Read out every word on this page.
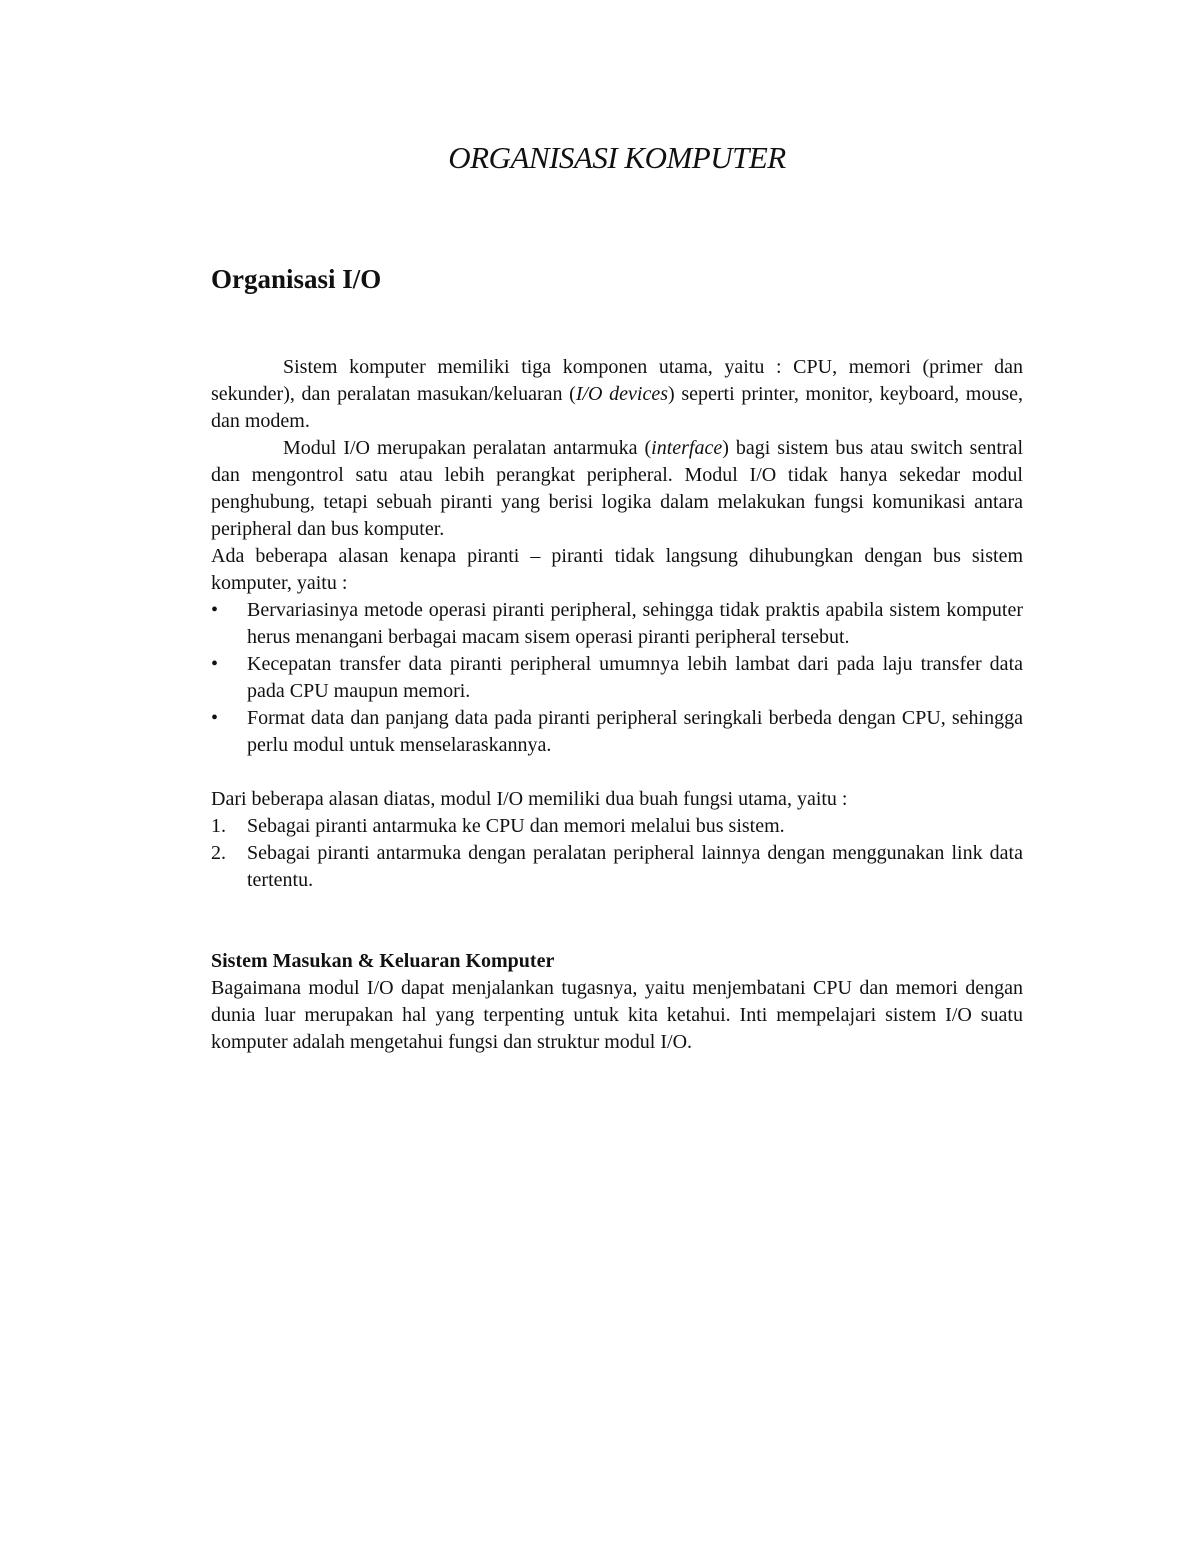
ORGANISASI KOMPUTER
Organisasi I/O

Sistem komputer memiliki tiga komponen utama, yaitu : CPU, memori (primer dan sekunder), dan peralatan masukan/keluaran (I/O devices) seperti printer, monitor, keyboard, mouse, dan modem.

Modul I/O merupakan peralatan antarmuka (interface) bagi sistem bus atau switch sentral dan mengontrol satu atau lebih perangkat peripheral. Modul I/O tidak hanya sekedar modul penghubung, tetapi sebuah piranti yang berisi logika dalam melakukan fungsi komunikasi antara peripheral dan bus komputer.

Ada beberapa alasan kenapa piranti – piranti tidak langsung dihubungkan dengan bus sistem komputer, yaitu :

• Bervariasinya metode operasi piranti peripheral, sehingga tidak praktis apabila sistem komputer herus menangani berbagai macam sisem operasi piranti peripheral tersebut.
• Kecepatan transfer data piranti peripheral umumnya lebih lambat dari pada laju transfer data pada CPU maupun memori.
• Format data dan panjang data pada piranti peripheral seringkali berbeda dengan CPU, sehingga perlu modul untuk menselaraskannya.

Dari beberapa alasan diatas, modul I/O memiliki dua buah fungsi utama, yaitu :

1. Sebagai piranti antarmuka ke CPU dan memori melalui bus sistem.
2. Sebagai piranti antarmuka dengan peralatan peripheral lainnya dengan menggunakan link data tertentu.

Sistem Masukan & Keluaran Komputer

Bagaimana modul I/O dapat menjalankan tugasnya, yaitu menjembatani CPU dan memori dengan dunia luar merupakan hal yang terpenting untuk kita ketahui. Inti mempelajari sistem I/O suatu komputer adalah mengetahui fungsi dan struktur modul I/O.
